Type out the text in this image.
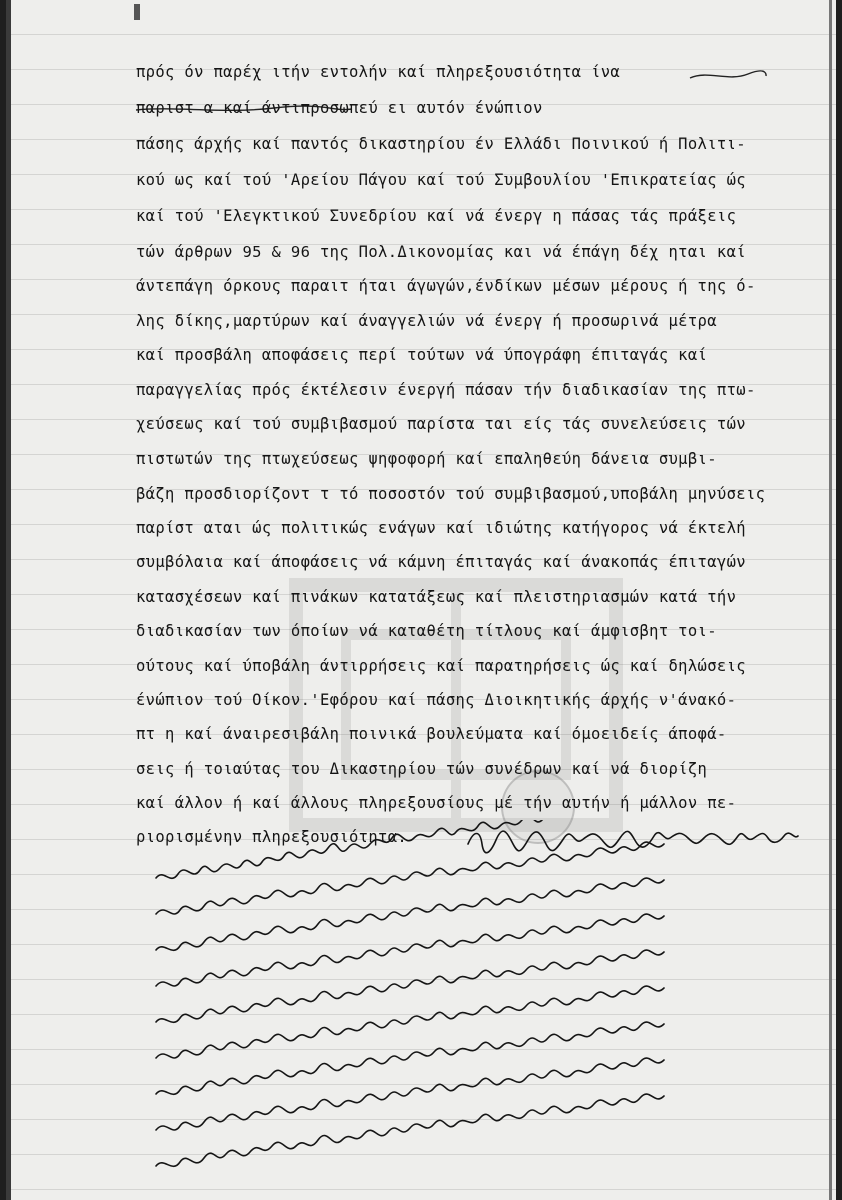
πρός όν παρέχ ιτήν εντολήν καί πληρεξουσιότητα ίνα
παριστ α καί άντιπροσωπεύ ει αυτόν ένώπιον
πάσης άρχής καί παντός δικαστηρίου έν Ελλάδι Ποινικού ή Πολιτι-
κού ως καί τού 'Αρείου Πάγου καί τού Συμβουλίου 'Επικρατείας ώς
καί τού 'Ελεγκτικού Συνεδρίου καί νά ένεργ η πάσας τάς πράξεις
τών άρθρων 95 & 96 της Πολ.Δικονομίας και νά έπάγη δέχ ηται καί
άντεπάγη όρκους παραιτ ήται άγωγών,ένδίκων μέσων μέρους ή της ό-
λης δίκης,μαρτύρων καί άναγγελιών νά ένεργ ή προσωρινά μέτρα
καί προσβάλη αποφάσεις περί τούτων νά ύπογράφη έπιταγάς καί
παραγγελίας πρός έκτέλεσιν ένεργή πάσαν τήν διαδικασίαν της πτω-
χεύσεως καί τού συμβιβασμού παρίστα ται είς τάς συνελεύσεις τών
πιστωτών της πτωχεύσεως ψηφοφορή καί επαληθεύη δάνεια συμβι-
βάζη προσδιορίζοντ τ τό ποσοστόν τού συμβιβασμού,υποβάλη μηνύσεις
παρίστ αται ώς πολιτικώς ενάγων καί ιδιώτης κατήγορος νά έκτελή
συμβόλαια καί άποφάσεις νά κάμνη έπιταγάς καί άνακοπάς έπιταγών
κατασχέσεων καί πινάκων κατατάξεως καί πλειστηριασμών κατά τήν
διαδικασίαν των όποίων νά καταθέτη τίτλους καί άμφισβητ τοι-
ούτους καί ύποβάλη άντιρρήσεις καί παρατηρήσεις ώς καί δηλώσεις
ένώπιον τού Οίκον.'Εφόρου καί πάσης Διοικητικής άρχής ν'άνακό-
πτ η καί άναιρεσιβάλη ποινικά βουλεύματα καί όμοειδείς άποφά-
σεις ή τοιαύτας του Δικαστηρίου τών συνέδρων καί νά διορίζη
καί άλλον ή καί άλλους πληρεξουσίους μέ τήν αυτήν ή μάλλον πε-
ριορισμένην πληρεξουσιότητα.
